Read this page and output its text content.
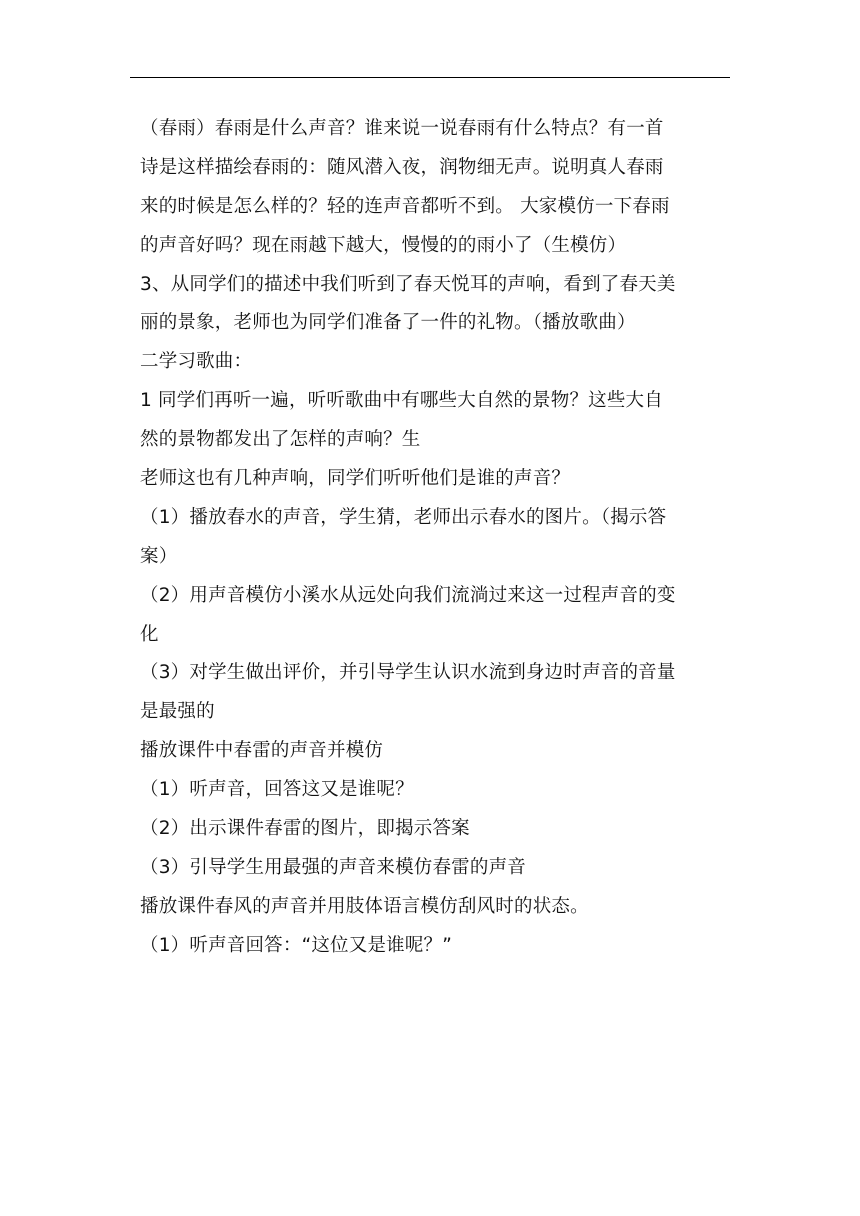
（春雨）春雨是什么声音？谁来说一说春雨有什么特点？有一首
诗是这样描绘春雨的：随风潜入夜，润物细无声。说明真人春雨
来的时候是怎么样的？轻的连声音都听不到。 大家模仿一下春雨
的声音好吗？现在雨越下越大，慢慢的的雨小了（生模仿）
3、从同学们的描述中我们听到了春天悦耳的声响，看到了春天美
丽的景象，老师也为同学们准备了一件的礼物。（播放歌曲）
二学习歌曲：
1 同学们再听一遍，听听歌曲中有哪些大自然的景物？这些大自
然的景物都发出了怎样的声响？生
老师这也有几种声响，同学们听听他们是谁的声音？
（1）播放春水的声音，学生猜，老师出示春水的图片。（揭示答
案）
（2）用声音模仿小溪水从远处向我们流淌过来这一过程声音的变
化
（3）对学生做出评价，并引导学生认识水流到身边时声音的音量
是最强的
播放课件中春雷的声音并模仿
（1）听声音，回答这又是谁呢？
（2）出示课件春雷的图片，即揭示答案
（3）引导学生用最强的声音来模仿春雷的声音
播放课件春风的声音并用肢体语言模仿刮风时的状态。
（1）听声音回答：“这位又是谁呢？”
